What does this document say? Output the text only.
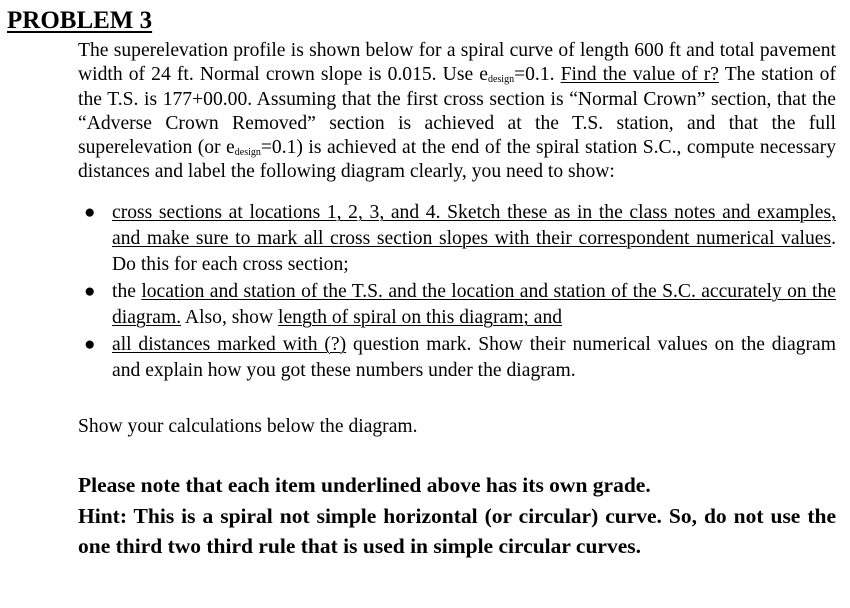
PROBLEM 3
The superelevation profile is shown below for a spiral curve of length 600 ft and total pavement width of 24 ft. Normal crown slope is 0.015. Use $e_{design}=0.1$. Find the value of r? The station of the T.S. is 177+00.00. Assuming that the first cross section is “Normal Crown” section, that the “Adverse Crown Removed” section is achieved at the T.S. station, and that the full superelevation (or $e_{design}=0.1$) is achieved at the end of the spiral station S.C., compute necessary distances and label the following diagram clearly, you need to show:
● cross sections at locations 1, 2, 3, and 4. Sketch these as in the class notes and examples, and make sure to mark all cross section slopes with their correspondent numerical values. Do this for each cross section;
● the location and station of the T.S. and the location and station of the S.C. accurately on the diagram. Also, show length of spiral on this diagram; and
● all distances marked with (?) question mark. Show their numerical values on the diagram and explain how you got these numbers under the diagram.
Show your calculations below the diagram.
Please note that each item underlined above has its own grade.
Hint: This is a spiral not simple horizontal (or circular) curve. So, do not use the one third two third rule that is used in simple circular curves.
